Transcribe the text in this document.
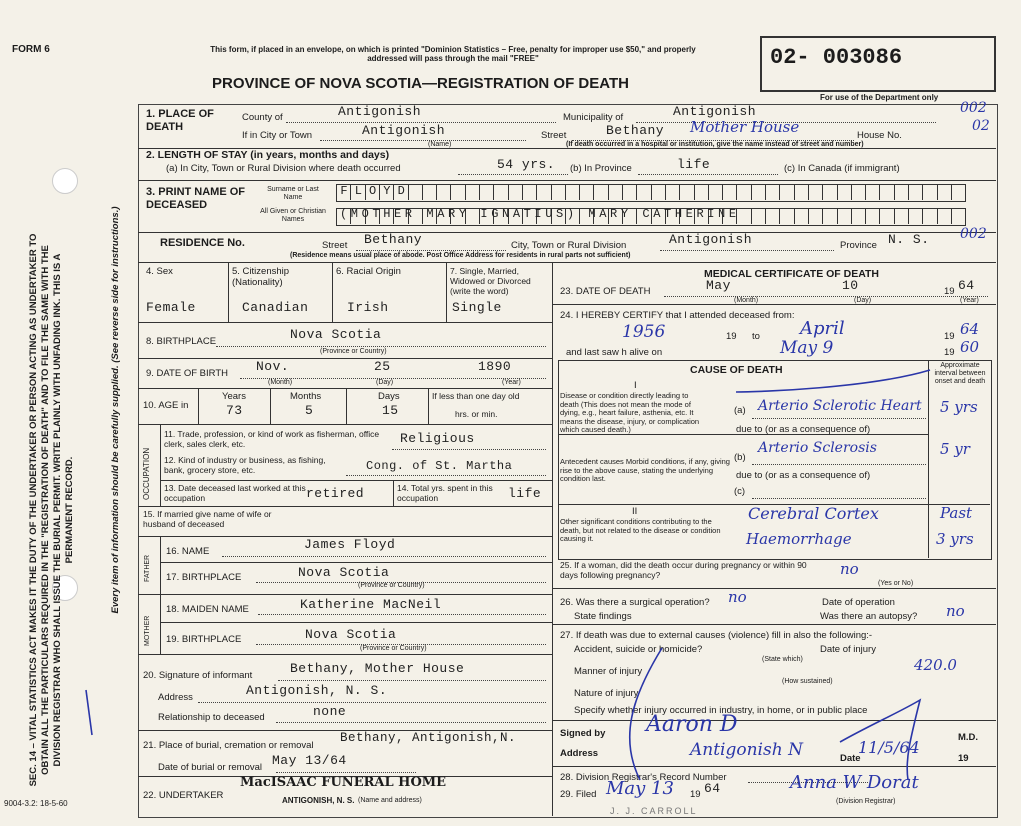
SEC. 14 – VITAL STATISTICS ACT MAKES IT THE DUTY OF THE UNDERTAKER OR PERSON ACTING AS UNDERTAKER TO OBTAIN ALL THE PARTICULARS REQUIRED IN THE "REGISTRATION OF DEATH" AND TO FILE THE SAME WITH THE DIVISION REGISTRAR WHO SHALL ISSUE THE BURIAL PERMIT. WRITE PLAINLY WITH UNFADING INK. THIS IS A PERMANENT RECORD.	Every item of information should be carefully supplied. (See reverse side for instructions.)
9004-3.2: 18-5-60
FORM 6	This form, if placed in an envelope, on which is printed "Dominion Statistics – Free, penalty for improper use $50," and properly addressed will pass through the mail "FREE"
PROVINCE OF NOVA SCOTIA—REGISTRATION OF DEATH
02- 003086
For use of the Department only
1. PLACE OF DEATH
County of	Antigonish	Municipality of	Antigonish	002
If in City or Town	Antigonish
(Name)
Street	Bethany Mother House	House No.
02
(If death occurred in a hospital or institution, give the name instead of street and number)
2. LENGTH OF STAY (in years, months and days)
(a) In City, Town or Rural Division where death occurred	54 yrs. (b) In Province	life	(c) In Canada (if immigrant)
3. PRINT NAME OF DECEASED
Surname or Last Name
All Given or Christian Names
F L O Y D
(MOTHER MARY IGNATIUS) MARY CATHERINE
RESIDENCE No.	Street Bethany	City, Town or Rural Division	Antigonish	Province N. S. 002
(Residence means usual place of abode. Post Office Address for residents in rural parts not sufficient)
4. Sex	5. Citizenship (Nationality)
6. Racial Origin	7. Single, Married, Widowed or Divorced (write the word)
Female	Canadian	Irish	Single
8. BIRTHPLACE	Nova Scotia
(Province or Country)
9. DATE OF BIRTH Nov.	25	1890
(Month)	(Day)	(Year)
10. AGE in
Years	Months	Days	If less than one day old
hrs. or min.
73	5	15
OCCUPATION
11. Trade, profession, or kind of work as fisherman, office clerk, sales clerk, etc.	Religious
12. Kind of industry or business, as fishing, bank, grocery store, etc.	Cong. of St. Martha
13. Date deceased last worked at this occupation	retired	14. Total yrs. spent in this occupation	life
15. If married give name of wife or husband of deceased
FATHER
MOTHER
16. NAME	James Floyd
17. BIRTHPLACE	Nova Scotia
(Province or Country)
18. MAIDEN NAME	Katherine MacNeil
19. BIRTHPLACE	Nova Scotia
(Province or Country)
20. Signature of informant	Bethany, Mother House
Address	Antigonish, N. S.
Relationship to deceased	none
21. Place of burial, cremation or removal
Bethany, Antigonish,N.
Date of burial or removal May 13/64
22. UNDERTAKER
MacISAAC FUNERAL HOME
ANTIGONISH, N. S. (Name and address)
MEDICAL CERTIFICATE OF DEATH
23. DATE OF DEATH	May	10	19 64
(Month)	(Day)	(Year)
24. I HEREBY CERTIFY that I attended deceased from:
1956	19 to April	19 64
and last saw h alive on	May 9	19 60
CAUSE OF DEATH	Approximate interval between onset and death
I
Disease or condition directly leading to death (This does not mean the mode of dying, e.g., heart failure, asthenia, etc. It means the disease, injury, or complication which caused death.)
(a) Arterio Sclerotic Heart 5 yrs
due to (or as a consequence of)
(b)
Arterio Sclerosis	5 yr
Antecedent causes Morbid conditions, if any, giving rise to the above cause, stating the underlying condition last.	due to (or as a consequence of)
(c)
II
Other significant conditions contributing to the death, but not related to the disease or condition causing it.
Cerebral Cortex	Past
Haemorrhage	3 yrs
25. If a woman, did the death occur during pregnancy or within 90 days following pregnancy?	no
(Yes or No)
26. Was there a surgical operation? no	Date of operation
State findings	Was there an autopsy? no
27. If death was due to external causes (violence) fill in also the following:-
Accident, suicide or homicide?	Date of injury
(State which)
Manner of injury	420.0
(How sustained)
Nature of injury
Specify whether injury occurred in industry, in home, or in public place
Signed by Aaron D
M.D.
Address	Antigonish N	11/5/64
Date	19
28. Division Registrar's Record Number
29. Filed May 13 19 64	Anna W Dorat
(Division Registrar)
J. J. CARROLL
